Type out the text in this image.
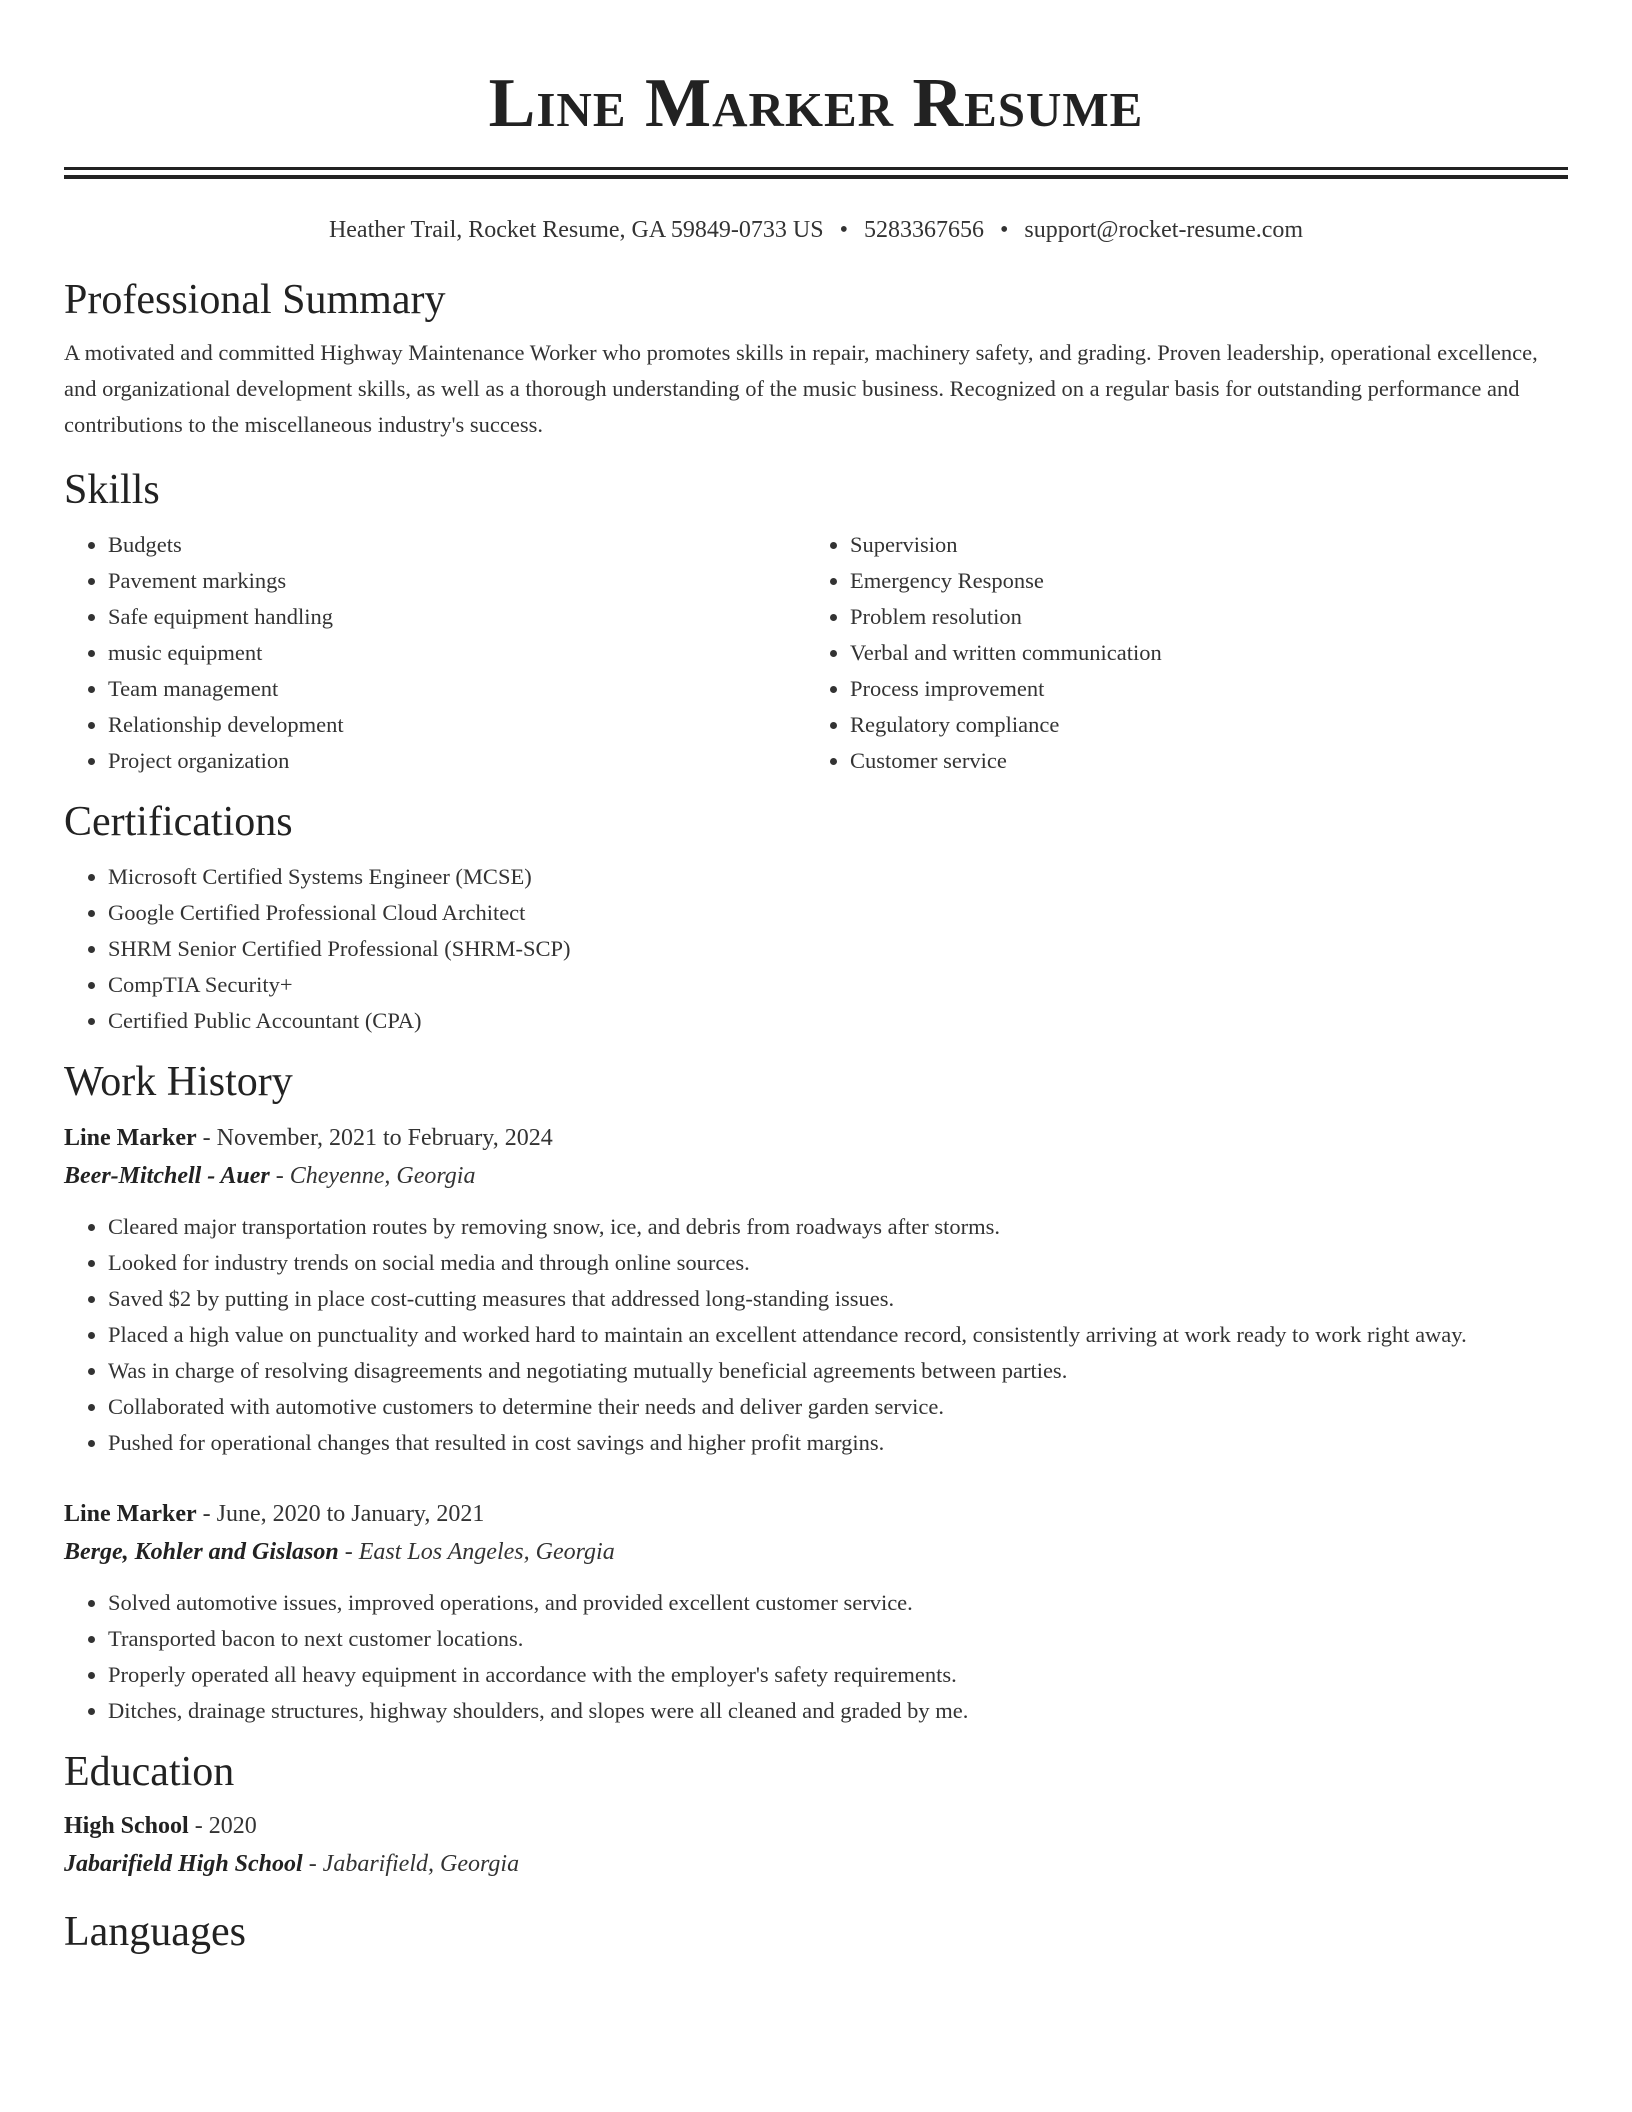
Line Marker Resume
Heather Trail, Rocket Resume, GA 59849-0733 US • 5283367656 • support@rocket-resume.com
Professional Summary

A motivated and committed Highway Maintenance Worker who promotes skills in repair, machinery safety, and grading. Proven leadership, operational excellence, and organizational development skills, as well as a thorough understanding of the music business. Recognized on a regular basis for outstanding performance and contributions to the miscellaneous industry's success.

Skills
• Budgets
• Pavement markings
• Safe equipment handling
• music equipment
• Team management
• Relationship development
• Project organization
• Supervision
• Emergency Response
• Problem resolution
• Verbal and written communication
• Process improvement
• Regulatory compliance
• Customer service
Certifications
• Microsoft Certified Systems Engineer (MCSE)
• Google Certified Professional Cloud Architect
• SHRM Senior Certified Professional (SHRM-SCP)
• CompTIA Security+
• Certified Public Accountant (CPA)
Work History
Line Marker - November, 2021 to February, 2024
Beer-Mitchell - Auer - Cheyenne, Georgia
• Cleared major transportation routes by removing snow, ice, and debris from roadways after storms.
• Looked for industry trends on social media and through online sources.
• Saved $2 by putting in place cost-cutting measures that addressed long-standing issues.
• Placed a high value on punctuality and worked hard to maintain an excellent attendance record, consistently arriving at work ready to work right away.
• Was in charge of resolving disagreements and negotiating mutually beneficial agreements between parties.
• Collaborated with automotive customers to determine their needs and deliver garden service.
• Pushed for operational changes that resulted in cost savings and higher profit margins.
Line Marker - June, 2020 to January, 2021
Berge, Kohler and Gislason - East Los Angeles, Georgia
• Solved automotive issues, improved operations, and provided excellent customer service.
• Transported bacon to next customer locations.
• Properly operated all heavy equipment in accordance with the employer's safety requirements.
• Ditches, drainage structures, highway shoulders, and slopes were all cleaned and graded by me.
Education
High School - 2020
Jabarifield High School - Jabarifield, Georgia
Languages
